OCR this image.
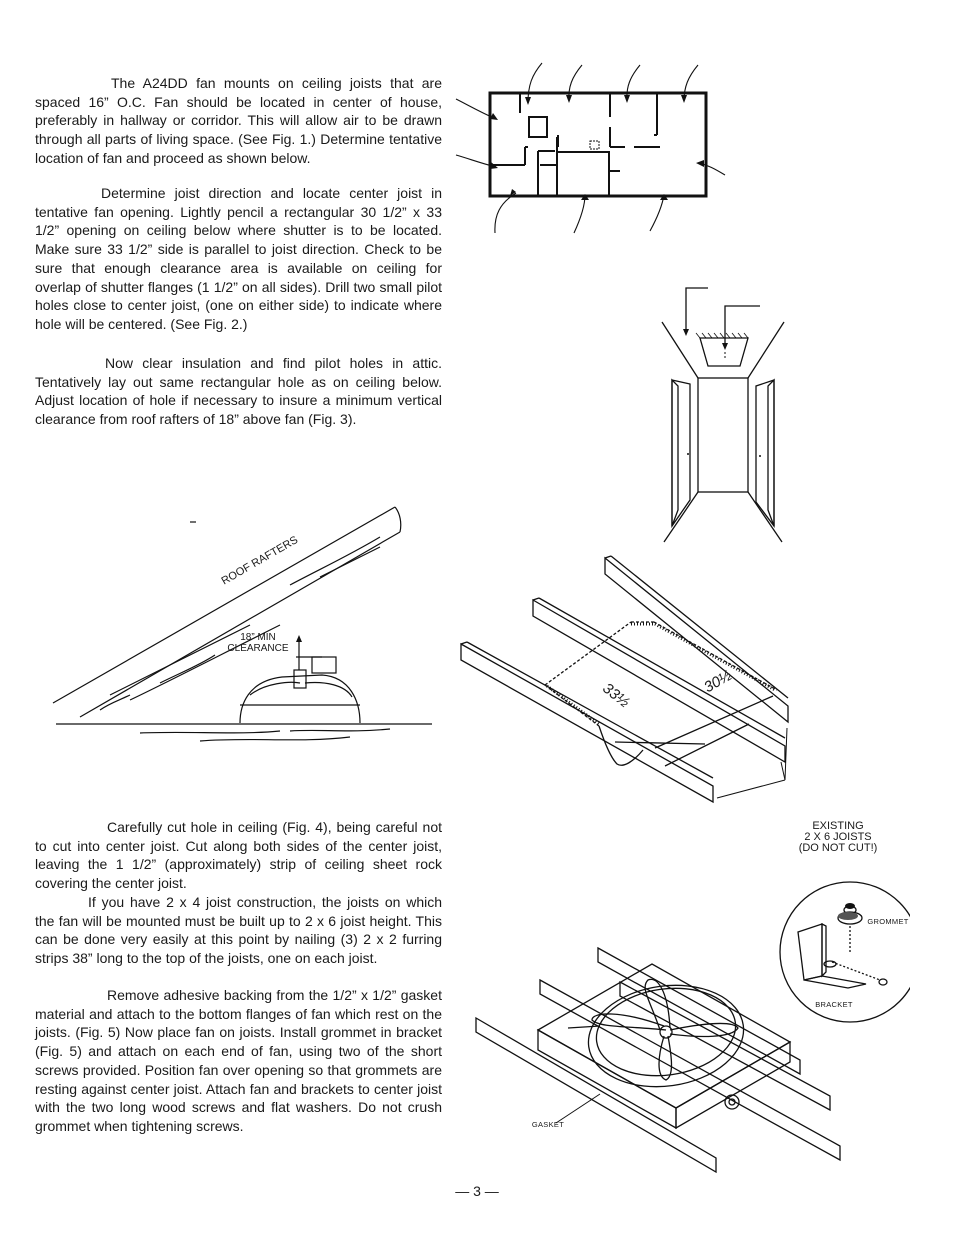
The A24DD fan mounts on ceiling joists that are spaced 16” O.C. Fan should be located in center of house, preferably in hallway or corridor. This will allow air to be drawn through all parts of living space. (See Fig. 1.) Determine tentative location of fan and proceed as shown below.
Determine joist direction and locate center joist in tentative fan opening. Lightly pencil a rectangular 30 1/2” x 33 1/2” opening on ceiling below where shutter is to be located. Make sure 33 1/2” side is parallel to joist direction. Check to be sure that enough clearance area is available on ceiling for overlap of shutter flanges (1 1/2” on all sides). Drill two small pilot holes close to center joist, (one on either side) to indicate where hole will be centered. (See Fig. 2.)
Now clear insulation and find pilot holes in attic. Tentatively lay out same rectangular hole as on ceiling below. Adjust location of hole if necessary to insure a minimum vertical clearance from roof rafters of 18” above fan (Fig. 3).
Carefully cut hole in ceiling (Fig. 4), being careful not to cut into center joist. Cut along both sides of the center joist, leaving the 1 1/2” (approximately) strip of ceiling sheet rock covering the center joist.
If you have 2 x 4 joist construction, the joists on which the fan will be mounted must be built up to 2 x 6 joist height. This can be done very easily at this point by nailing (3) 2 x 2 furring strips 38” long to the top of the joists, one on each joist.
Remove adhesive backing from the 1/2” x 1/2” gasket material and attach to the bottom flanges of fan which rest on the joists. (Fig. 5) Now place fan on joists. Install grommet in bracket (Fig. 5) and attach on each end of fan, using two of the short screws provided. Position fan over opening so that grommets are resting against center joist. Attach fan and brackets to center joist with the two long wood screws and flat washers. Do not crush grommet when tightening screws.
ROOF RAFTERS
18” MIN
CLEARANCE
33½	30½
EXISTING
2 X 6 JOISTS
(DO NOT CUT!)
GROMMET
BRACKET
GASKET
— 3 —
